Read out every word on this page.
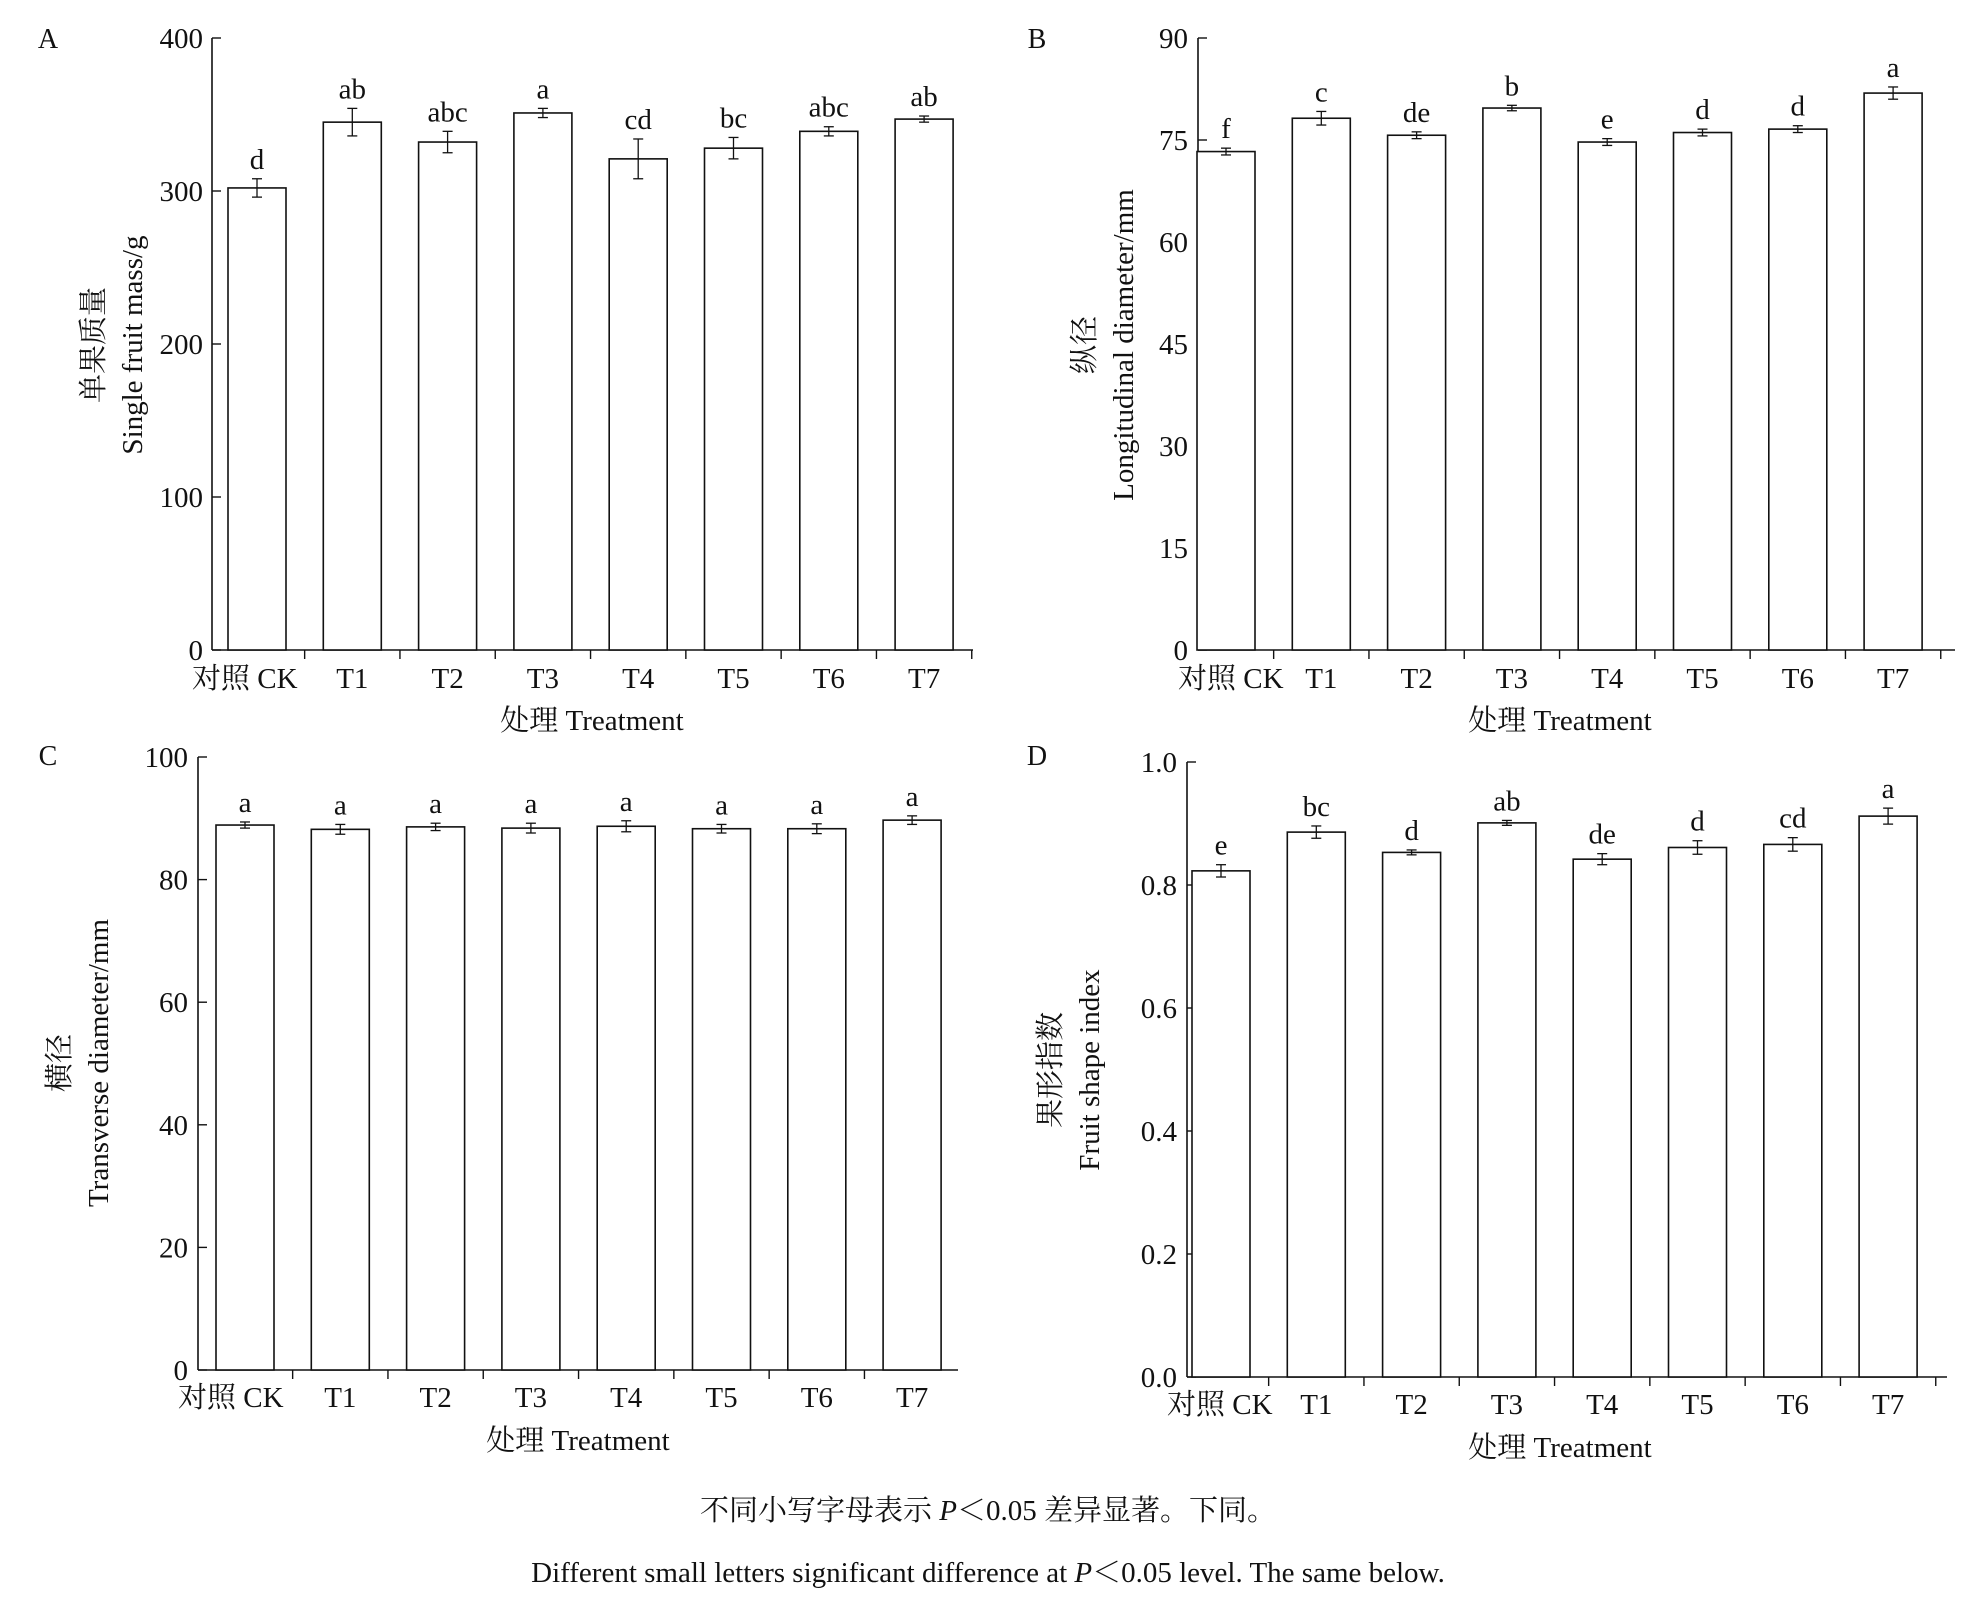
A
0
100
200
300
400
单果质量 Single fruit mass/g
d
对照 CK
ab
T1
abc
T2
a
T3
cd
T4
bc
T5
abc
T6
ab
T7
处理 Treatment
B
0
15
30
45
60
75
90
纵径 Longitudinal diameter/mm
f
对照 CK
c
T1
de
T2
b
T3
e
T4
d
T5
d
T6
a
T7
处理 Treatment
C
0
20
40
60
80
100
横径 Transverse diameter/mm
a
对照 CK
a
T1
a
T2
a
T3
a
T4
a
T5
a
T6
a
T7
处理 Treatment
D
0.0
0.2
0.4
0.6
0.8
1.0
果形指数 Fruit shape index
e
对照 CK
bc
T1
d
T2
ab
T3
de
T4
d
T5
cd
T6
a
T7
处理 Treatment
不同小写字母表示 P＜0.05 差异显著。下同。
Different small letters significant difference at P＜0.05 level. The same below.
